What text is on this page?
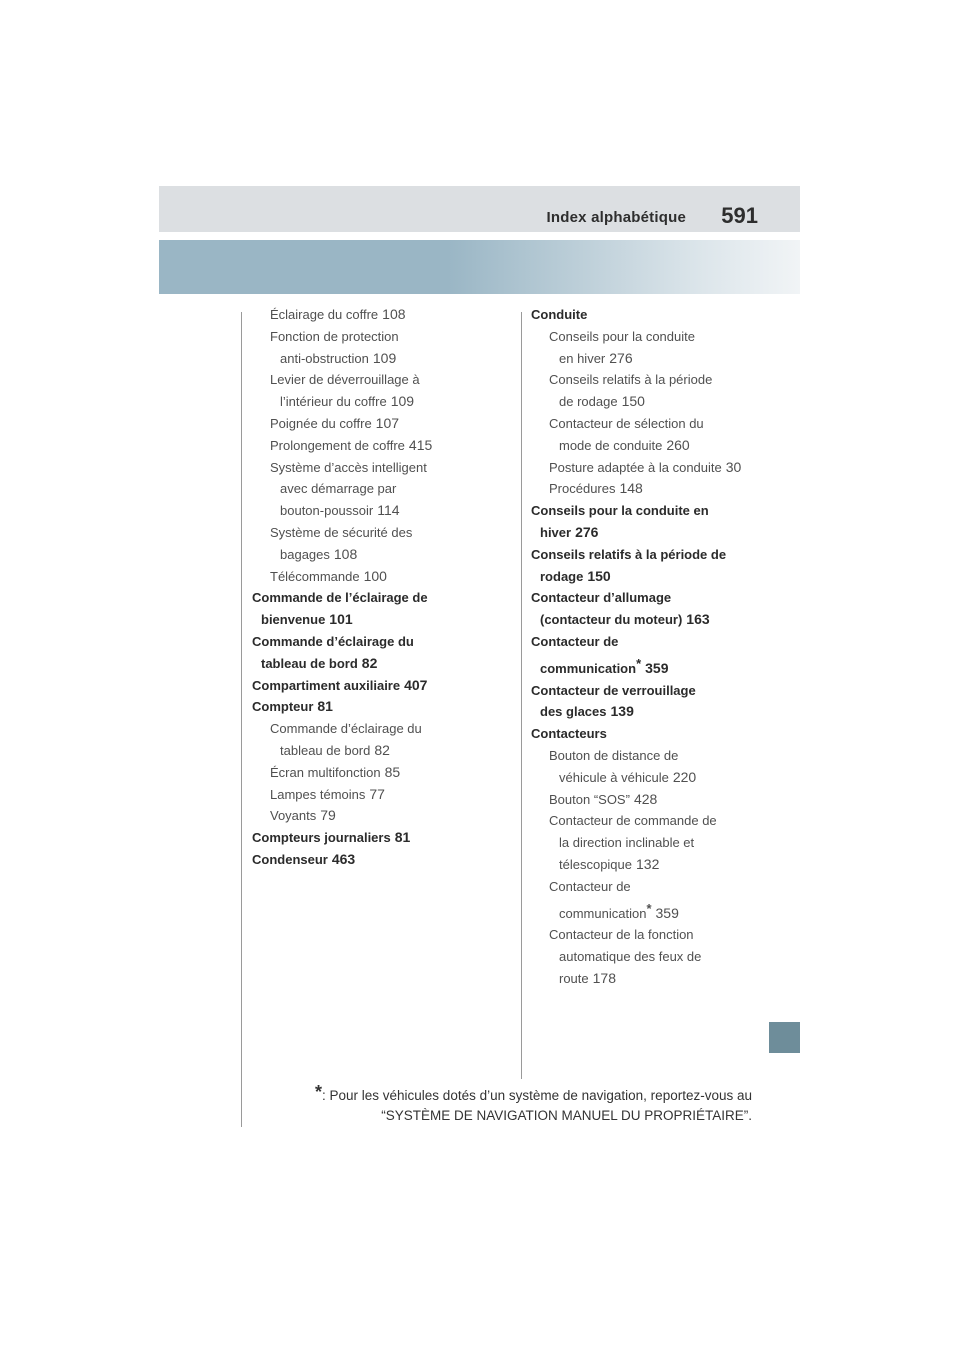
Index alphabétique 591
Éclairage du coffre 108
Fonction de protection
anti-obstruction 109
Levier de déverrouillage à
l’intérieur du coffre 109
Poignée du coffre 107
Prolongement de coffre 415
Système d’accès intelligent
avec démarrage par
bouton-poussoir 114
Système de sécurité des
bagages 108
Télécommande 100
Commande de l’éclairage de
bienvenue 101
Commande d’éclairage du
tableau de bord 82
Compartiment auxiliaire 407
Compteur 81
Commande d’éclairage du
tableau de bord 82
Écran multifonction 85
Lampes témoins 77
Voyants 79
Compteurs journaliers 81
Condenseur 463
Conduite
Conseils pour la conduite
en hiver 276
Conseils relatifs à la période
de rodage 150
Contacteur de sélection du
mode de conduite 260
Posture adaptée à la conduite 30
Procédures 148
Conseils pour la conduite en
hiver 276
Conseils relatifs à la période de
rodage 150
Contacteur d’allumage
(contacteur du moteur) 163
Contacteur de
communication* 359
Contacteur de verrouillage
des glaces 139
Contacteurs
Bouton de distance de
véhicule à véhicule 220
Bouton “SOS” 428
Contacteur de commande de
la direction inclinable et
télescopique 132
Contacteur de
communication* 359
Contacteur de la fonction
automatique des feux de
route 178
*: Pour les véhicules dotés d’un système de navigation, reportez-vous au
“SYSTÈME DE NAVIGATION MANUEL DU PROPRIÉTAIRE”.
